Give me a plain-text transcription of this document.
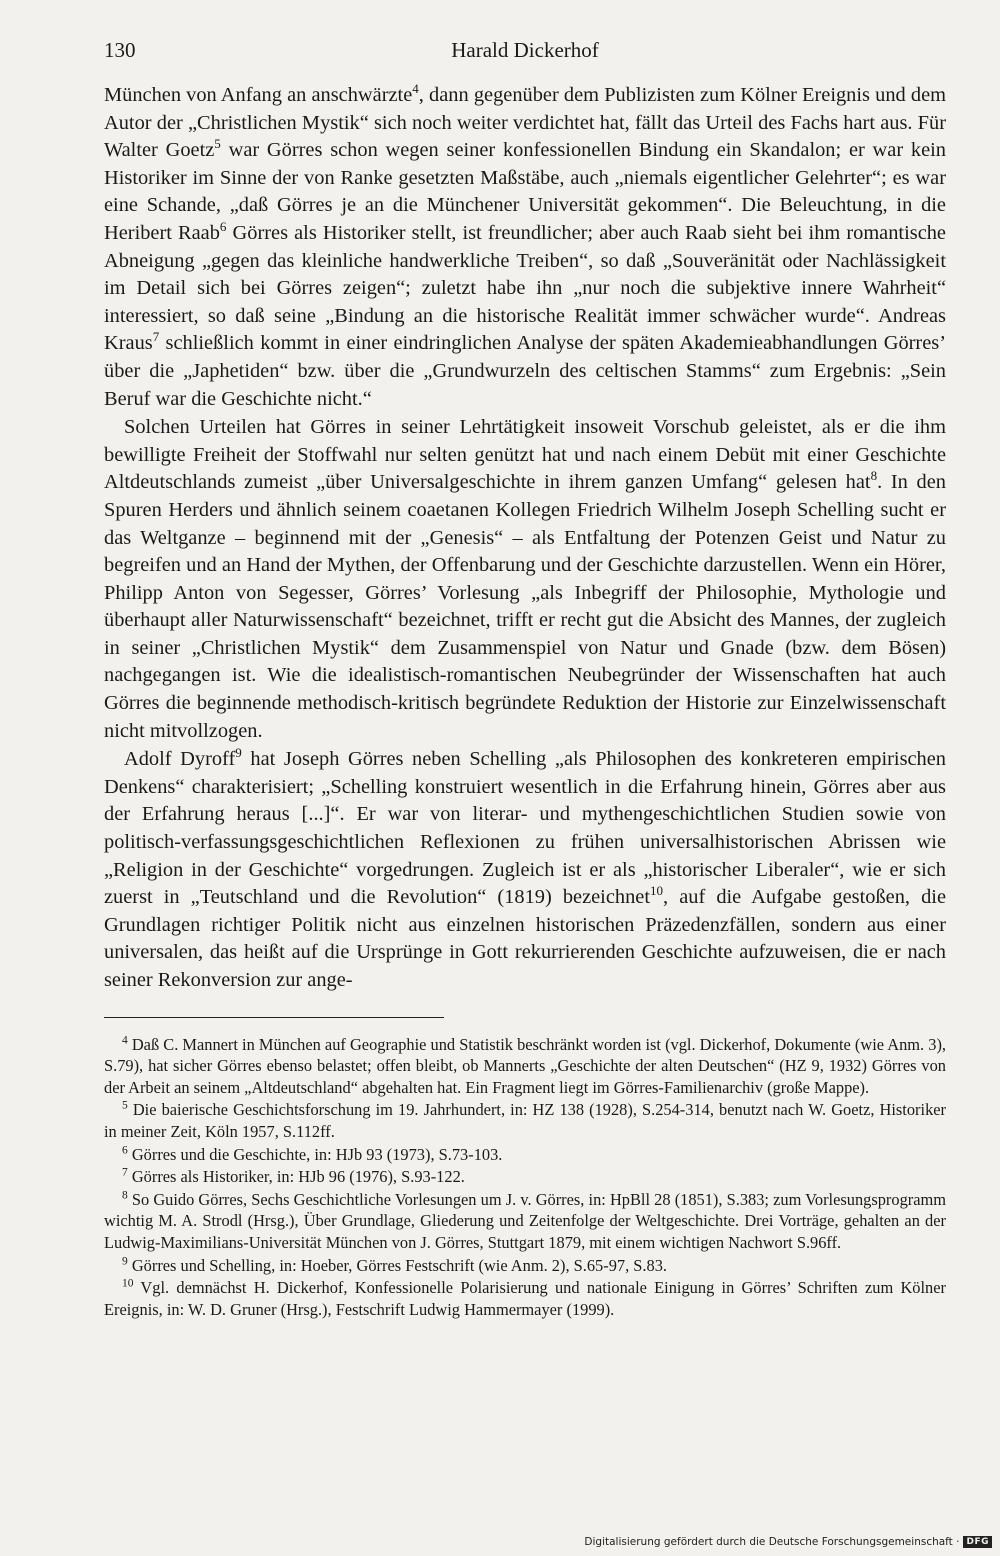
130	Harald Dickerhof

München von Anfang an anschwärzte$^4$, dann gegenüber dem Publizisten zum Kölner Ereignis und dem Autor der „Christlichen Mystik“ sich noch weiter verdichtet hat, fällt das Urteil des Fachs hart aus. Für Walter Goetz$^5$ war Görres schon wegen seiner konfessionellen Bindung ein Skandalon; er war kein Historiker im Sinne der von Ranke gesetzten Maßstäbe, auch „niemals eigentlicher Gelehrter“; es war eine Schande, „daß Görres je an die Münchener Universität gekommen“. Die Beleuchtung, in die Heribert Raab$^6$ Görres als Historiker stellt, ist freundlicher; aber auch Raab sieht bei ihm romantische Abneigung „gegen das kleinliche handwerkliche Treiben“, so daß „Souveränität oder Nachlässigkeit im Detail sich bei Görres zeigen“; zuletzt habe ihn „nur noch die subjektive innere Wahrheit“ interessiert, so daß seine „Bindung an die historische Realität immer schwächer wurde“. Andreas Kraus$^7$ schließlich kommt in einer eindringlichen Analyse der späten Akademieabhandlungen Görres’ über die „Japhetiden“ bzw. über die „Grundwurzeln des celtischen Stamms“ zum Ergebnis: „Sein Beruf war die Geschichte nicht.“

Solchen Urteilen hat Görres in seiner Lehrtätigkeit insoweit Vorschub geleistet, als er die ihm bewilligte Freiheit der Stoffwahl nur selten genützt hat und nach einem Debüt mit einer Geschichte Altdeutschlands zumeist „über Universalgeschichte in ihrem ganzen Umfang“ gelesen hat$^8$. In den Spuren Herders und ähnlich seinem coaetanen Kollegen Friedrich Wilhelm Joseph Schelling sucht er das Weltganze – beginnend mit der „Genesis“ – als Entfaltung der Potenzen Geist und Natur zu begreifen und an Hand der Mythen, der Offenbarung und der Geschichte darzustellen. Wenn ein Hörer, Philipp Anton von Segesser, Görres’ Vorlesung „als Inbegriff der Philosophie, Mythologie und überhaupt aller Naturwissenschaft“ bezeichnet, trifft er recht gut die Absicht des Mannes, der zugleich in seiner „Christlichen Mystik“ dem Zusammenspiel von Natur und Gnade (bzw. dem Bösen) nachgegangen ist. Wie die idealistisch-romantischen Neubegründer der Wissenschaften hat auch Görres die beginnende methodisch-kritisch begründete Reduktion der Historie zur Einzelwissenschaft nicht mitvollzogen.

Adolf Dyroff$^9$ hat Joseph Görres neben Schelling „als Philosophen des konkreteren empirischen Denkens“ charakterisiert; „Schelling konstruiert wesentlich in die Erfahrung hinein, Görres aber aus der Erfahrung heraus [...]“. Er war von literar- und mythengeschichtlichen Studien sowie von politisch-verfassungsgeschichtlichen Reflexionen zu frühen universalhistorischen Abrissen wie „Religion in der Geschichte“ vorgedrungen. Zugleich ist er als „historischer Liberaler“, wie er sich zuerst in „Teutschland und die Revolution“ (1819) bezeichnet$^{10}$, auf die Aufgabe gestoßen, die Grundlagen richtiger Politik nicht aus einzelnen historischen Präzedenzfällen, sondern aus einer universalen, das heißt auf die Ursprünge in Gott rekurrierenden Geschichte aufzuweisen, die er nach seiner Rekonversion zur ange-

$^4$ Daß C. Mannert in München auf Geographie und Statistik beschränkt worden ist (vgl. Dickerhof, Dokumente (wie Anm. 3), S.79), hat sicher Görres ebenso belastet; offen bleibt, ob Mannerts „Geschichte der alten Deutschen“ (HZ 9, 1932) Görres von der Arbeit an seinem „Altdeutschland“ abgehalten hat. Ein Fragment liegt im Görres-Familienarchiv (große Mappe).

$^5$ Die baierische Geschichtsforschung im 19. Jahrhundert, in: HZ 138 (1928), S.254-314, benutzt nach W. Goetz, Historiker in meiner Zeit, Köln 1957, S.112ff.

$^6$ Görres und die Geschichte, in: HJb 93 (1973), S.73-103.

$^7$ Görres als Historiker, in: HJb 96 (1976), S.93-122.

$^8$ So Guido Görres, Sechs Geschichtliche Vorlesungen um J. v. Görres, in: HpBll 28 (1851), S.383; zum Vorlesungsprogramm wichtig M. A. Strodl (Hrsg.), Über Grundlage, Gliederung und Zeitenfolge der Weltgeschichte. Drei Vorträge, gehalten an der Ludwig-Maximilians-Universität München von J. Görres, Stuttgart 1879, mit einem wichtigen Nachwort S.96ff.

$^9$ Görres und Schelling, in: Hoeber, Görres Festschrift (wie Anm. 2), S.65-97, S.83.

$^{10}$ Vgl. demnächst H. Dickerhof, Konfessionelle Polarisierung und nationale Einigung in Görres’ Schriften zum Kölner Ereignis, in: W. D. Gruner (Hrsg.), Festschrift Ludwig Hammermayer (1999).

Digitalisierung gefördert durch die Deutsche Forschungsgemeinschaft · DFG
